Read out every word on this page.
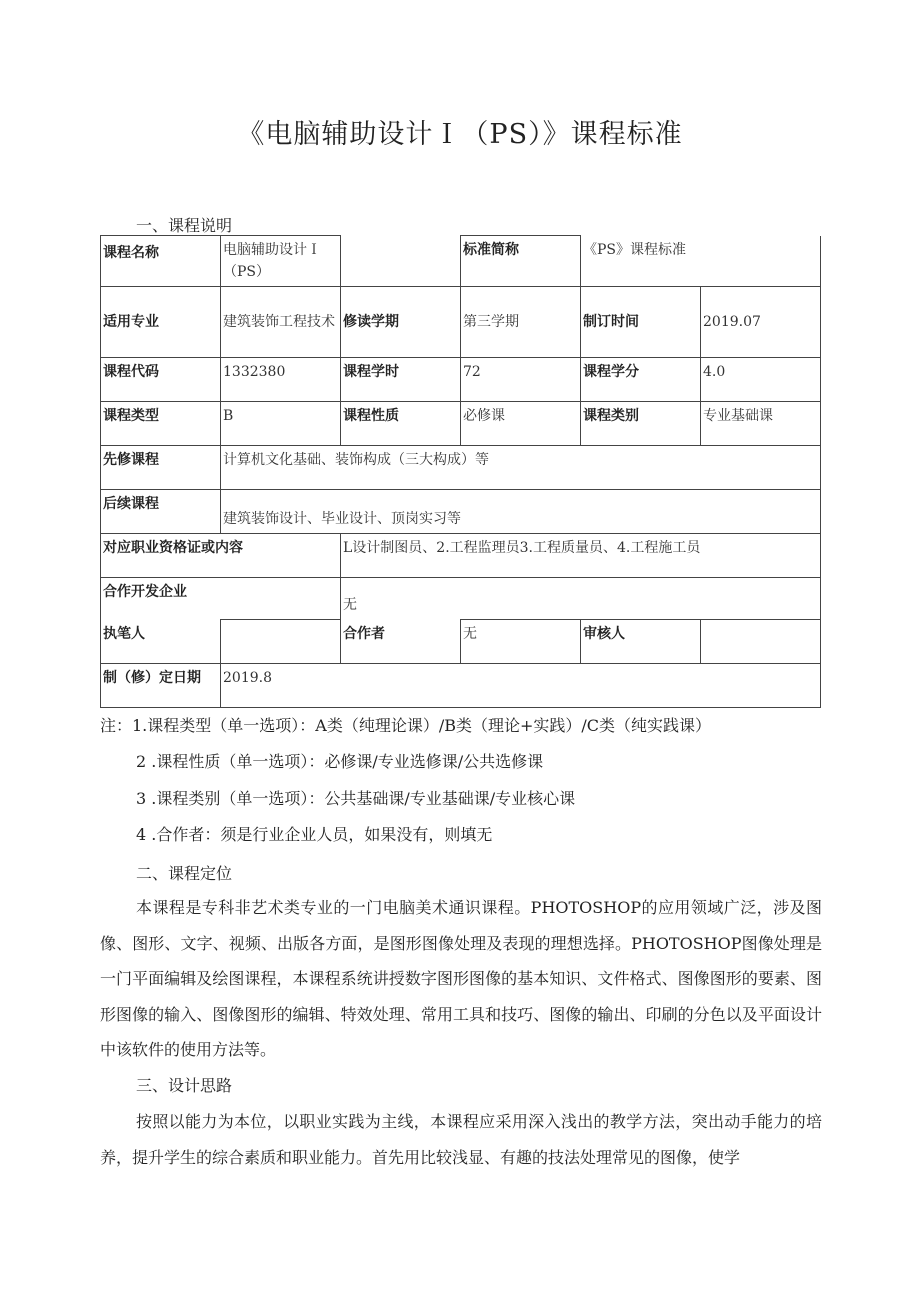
《电脑辅助设计Ｉ（PS）》课程标准
一、课程说明
课程名称	电脑辅助设计Ｉ（PS）		标准简称	《PS》课程标准	
适用专业	建筑装饰工程技术	修读学期	第三学期	制订时间	2019.07
课程代码	1332380	课程学时	72	课程学分	4.0
课程类型	B	课程性质	必修课	课程类别	专业基础课
先修课程	计算机文化基础、装饰构成（三大构成）等				
后续课程	建筑装饰设计、毕业设计、顶岗实习等				
对应职业资格证或内容		L设计制图员、2.工程监理员3.工程质量员、4.工程施工员			
合作开发企业		无			
执笔人		合作者	无	审核人	
制（修）定日期	2019.8				
注：1.课程类型（单一选项）：A类（纯理论课）/B类（理论+实践）/C类（纯实践课）
2 .课程性质（单一选项）：必修课/专业选修课/公共选修课
3 .课程类别（单一选项）：公共基础课/专业基础课/专业核心课
4 .合作者：须是行业企业人员，如果没有，则填无
二、课程定位
本课程是专科非艺术类专业的一门电脑美术通识课程。PHOTOSHOP的应用领域广泛，涉及图像、图形、文字、视频、出版各方面，是图形图像处理及表现的理想选择。PHOTOSHOP图像处理是一门平面编辑及绘图课程，本课程系统讲授数字图形图像的基本知识、文件格式、图像图形的要素、图形图像的输入、图像图形的编辑、特效处理、常用工具和技巧、图像的输出、印刷的分色以及平面设计中该软件的使用方法等。
三、设计思路
按照以能力为本位，以职业实践为主线，本课程应采用深入浅出的教学方法，突出动手能力的培养，提升学生的综合素质和职业能力。首先用比较浅显、有趣的技法处理常见的图像，使学
